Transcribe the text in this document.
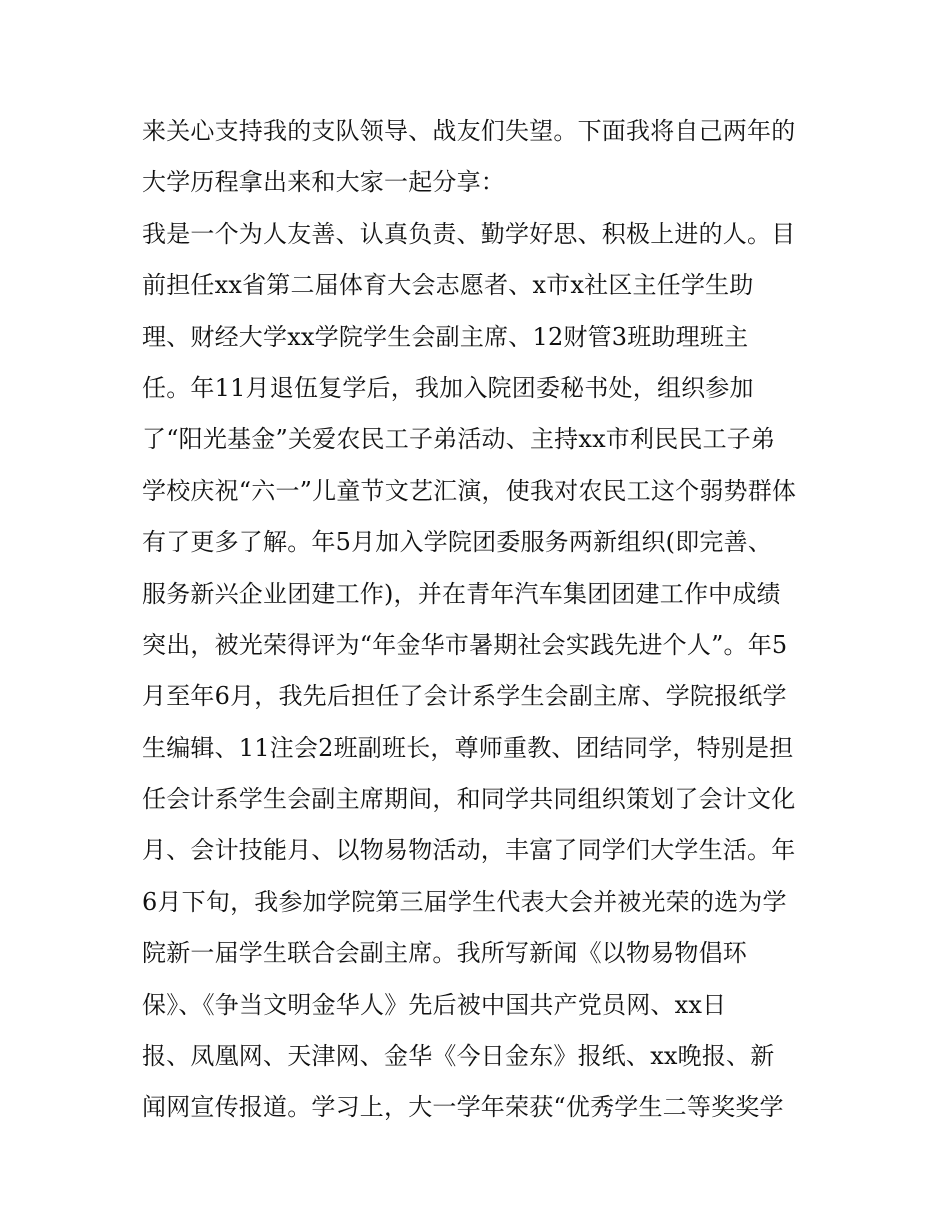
来关心支持我的支队领导、战友们失望。下面我将自己两年的
大学历程拿出来和大家一起分享：
我是一个为人友善、认真负责、勤学好思、积极上进的人。目
前担任xx省第二届体育大会志愿者、x市x社区主任学生助
理、财经大学xx学院学生会副主席、12财管3班助理班主
任。年11月退伍复学后，我加入院团委秘书处，组织参加
了“阳光基金”关爱农民工子弟活动、主持xx市利民民工子弟
学校庆祝“六一”儿童节文艺汇演，使我对农民工这个弱势群体
有了更多了解。年5月加入学院团委服务两新组织(即完善、
服务新兴企业团建工作)，并在青年汽车集团团建工作中成绩
突出，被光荣得评为“年金华市暑期社会实践先进个人”。年5
月至年6月，我先后担任了会计系学生会副主席、学院报纸学
生编辑、11注会2班副班长，尊师重教、团结同学，特别是担
任会计系学生会副主席期间，和同学共同组织策划了会计文化
月、会计技能月、以物易物活动，丰富了同学们大学生活。年
6月下旬，我参加学院第三届学生代表大会并被光荣的选为学
院新一届学生联合会副主席。我所写新闻《以物易物倡环
保》、《争当文明金华人》先后被中国共产党员网、xx日
报、凤凰网、天津网、金华《今日金东》报纸、xx晚报、新
闻网宣传报道。学习上，大一学年荣获“优秀学生二等奖奖学
